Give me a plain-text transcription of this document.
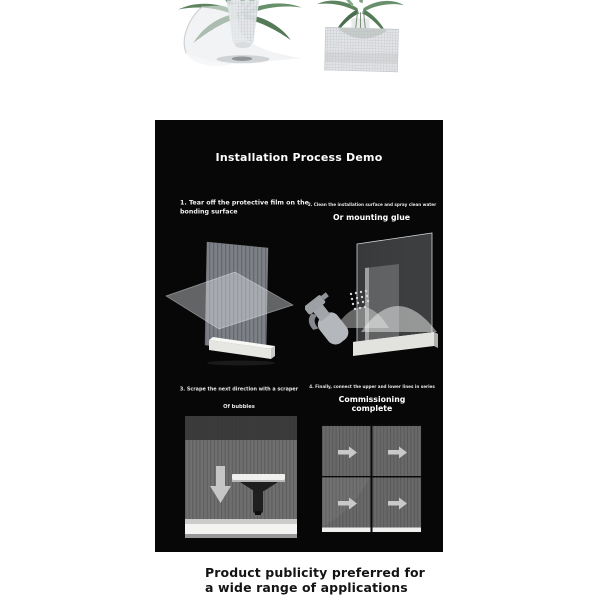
Installation Process Demo
1. Tear off the protective film on the bonding surface
2. Clean the installation surface and spray clean water
Or mounting glue
3. Scrape the next direction with a scraper
Of bubbles
4. Finally, connect the upper and lower lines in series
Commissioning complete
Product publicity preferred for a wide range of applications
